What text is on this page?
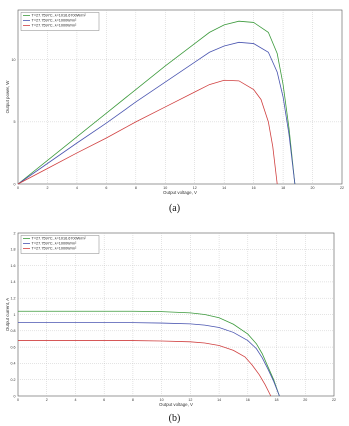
0	2	4	6	8	10	12	14	16	18	20	22
0
5
10
Output voltage, V
Output power, W
T=27.7597C, λ=1016.6700W/m²
T=27.7597C, λ=1000W/m²
T=27.7597C, λ=1000W/m²
(a)
0	2	4	6	8	10	12	14	16	18	20	22
0
0.2
0.4
0.6
0.8
1
1.2
1.4
1.6
1.8
2
Output voltage, V
Output current, A
T=27.7597C, λ=1016.6700W/m²
T=27.7597C, λ=1000W/m²
T=27.7597C, λ=1000W/m²
(b)
